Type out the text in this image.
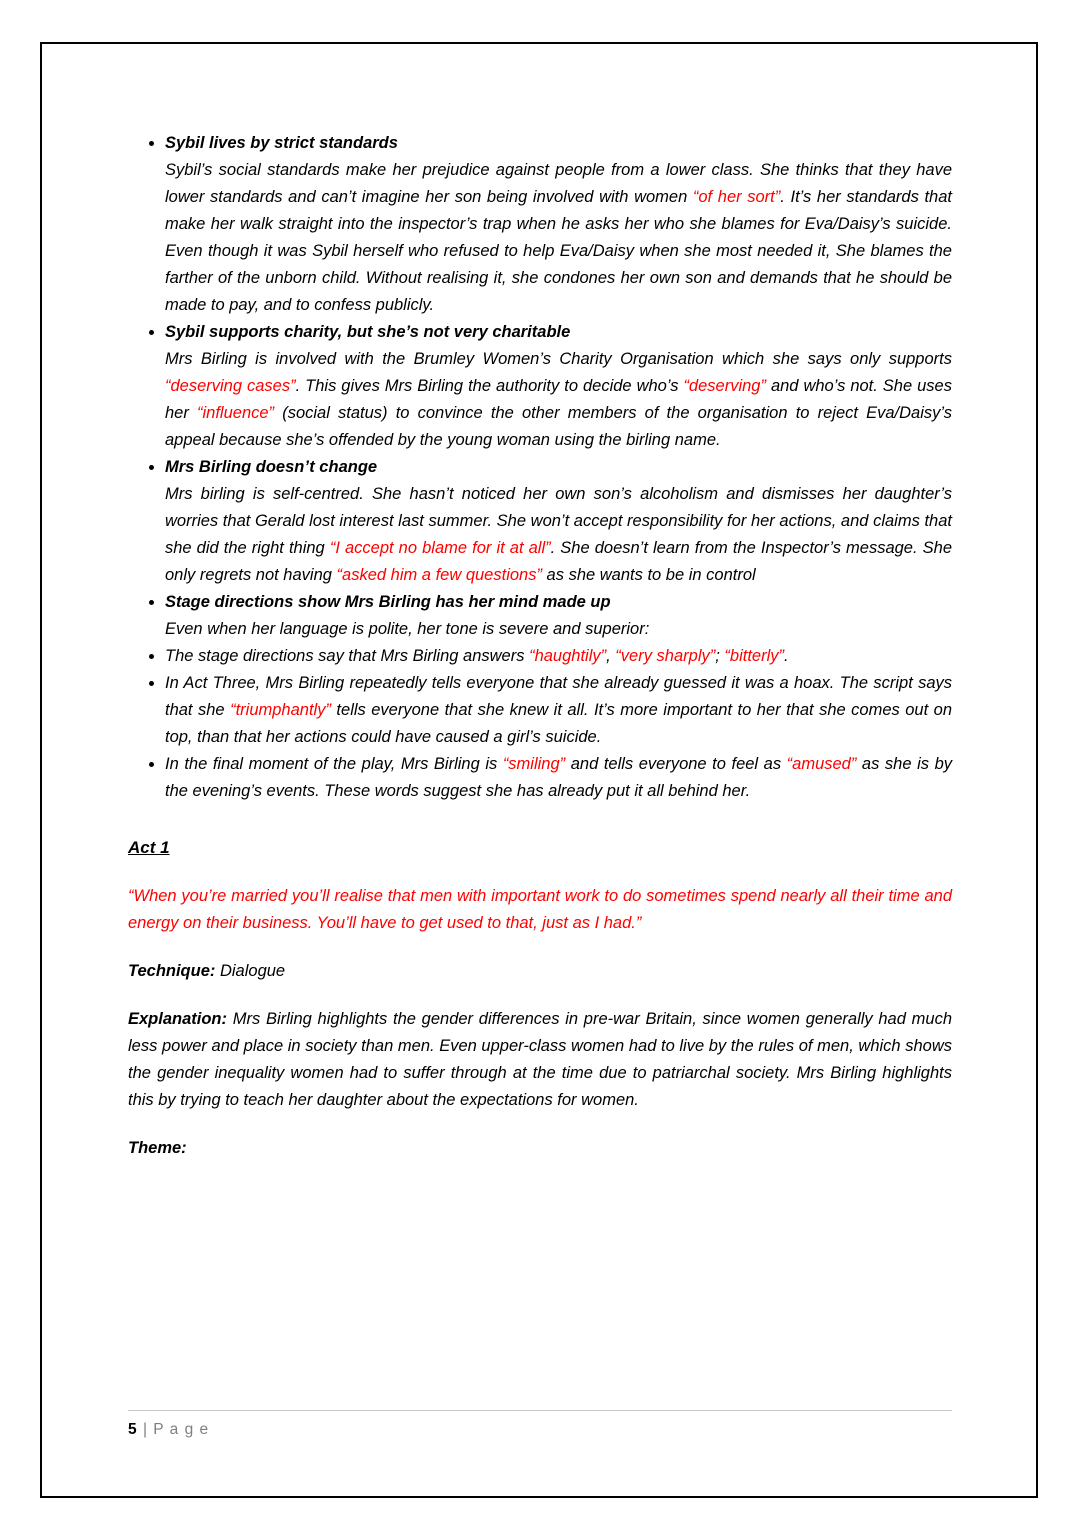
• Sybil lives by strict standards
Sybil’s social standards make her prejudice against people from a lower class. She thinks that they have lower standards and can’t imagine her son being involved with women “of her sort”. It’s her standards that make her walk straight into the inspector’s trap when he asks her who she blames for Eva/Daisy’s suicide. Even though it was Sybil herself who refused to help Eva/Daisy when she most needed it, She blames the farther of the unborn child. Without realising it, she condones her own son and demands that he should be made to pay, and to confess publicly.
• Sybil supports charity, but she’s not very charitable
Mrs Birling is involved with the Brumley Women’s Charity Organisation which she says only supports “deserving cases”. This gives Mrs Birling the authority to decide who’s “deserving” and who’s not. She uses her “influence” (social status) to convince the other members of the organisation to reject Eva/Daisy’s appeal because she’s offended by the young woman using the birling name.
• Mrs Birling doesn’t change
Mrs birling is self-centred. She hasn’t noticed her own son’s alcoholism and dismisses her daughter’s worries that Gerald lost interest last summer. She won’t accept responsibility for her actions, and claims that she did the right thing “I accept no blame for it at all”. She doesn’t learn from the Inspector’s message. She only regrets not having “asked him a few questions” as she wants to be in control
• Stage directions show Mrs Birling has her mind made up
Even when her language is polite, her tone is severe and superior:
• The stage directions say that Mrs Birling answers “haughtily”, “very sharply”; “bitterly”.
• In Act Three, Mrs Birling repeatedly tells everyone that she already guessed it was a hoax. The script says that she “triumphantly” tells everyone that she knew it all. It’s more important to her that she comes out on top, than that her actions could have caused a girl’s suicide.
• In the final moment of the play, Mrs Birling is “smiling” and tells everyone to feel as “amused” as she is by the evening’s events. These words suggest she has already put it all behind her.
Act 1

“When you’re married you’ll realise that men with important work to do sometimes spend nearly all their time and energy on their business. You’ll have to get used to that, just as I had.”

Technique: Dialogue

Explanation: Mrs Birling highlights the gender differences in pre-war Britain, since women generally had much less power and place in society than men. Even upper-class women had to live by the rules of men, which shows the gender inequality women had to suffer through at the time due to patriarchal society. Mrs Birling highlights this by trying to teach her daughter about the expectations for women.

Theme:

5 | P a g e
